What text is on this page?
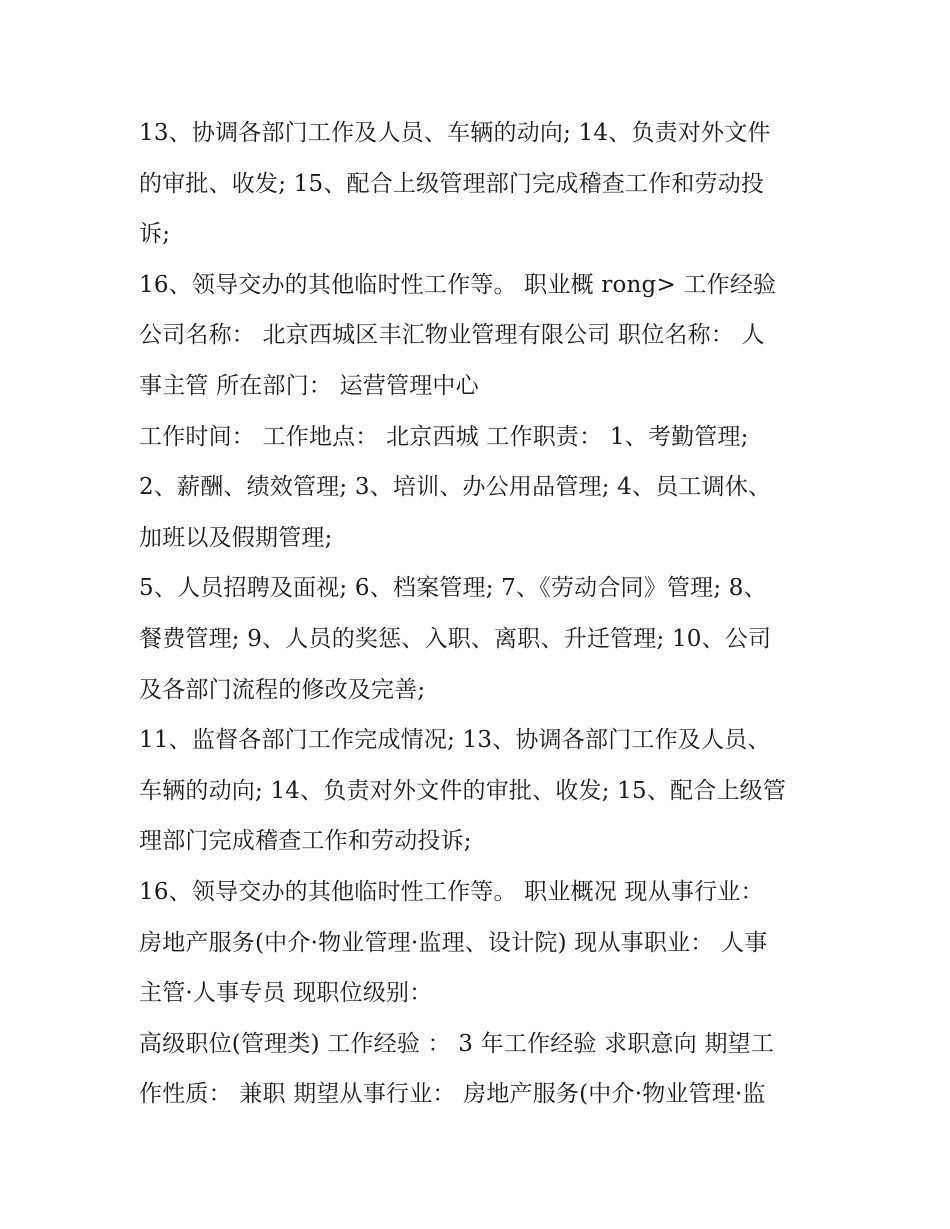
13、协调各部门工作及人员、车辆的动向; 14、负责对外文件
的审批、收发; 15、配合上级管理部门完成稽查工作和劳动投
诉;
16、领导交办的其他临时性工作等。 职业概 rong> 工作经验
公司名称： 北京西城区丰汇物业管理有限公司 职位名称： 人
事主管 所在部门： 运营管理中心
工作时间： 工作地点： 北京西城 工作职责： 1、考勤管理;
2、薪酬、绩效管理; 3、培训、办公用品管理; 4、员工调休、
加班以及假期管理;
5、人员招聘及面视; 6、档案管理; 7、《劳动合同》管理; 8、
餐费管理; 9、人员的奖惩、入职、离职、升迁管理; 10、公司
及各部门流程的修改及完善;
11、监督各部门工作完成情况; 13、协调各部门工作及人员、
车辆的动向; 14、负责对外文件的审批、收发; 15、配合上级管
理部门完成稽查工作和劳动投诉;
16、领导交办的其他临时性工作等。 职业概况 现从事行业：
房地产服务(中介·物业管理·监理、设计院) 现从事职业： 人事
主管·人事专员 现职位级别：
高级职位(管理类) 工作经验 ： 3 年工作经验 求职意向 期望工
作性质： 兼职 期望从事行业： 房地产服务(中介·物业管理·监
